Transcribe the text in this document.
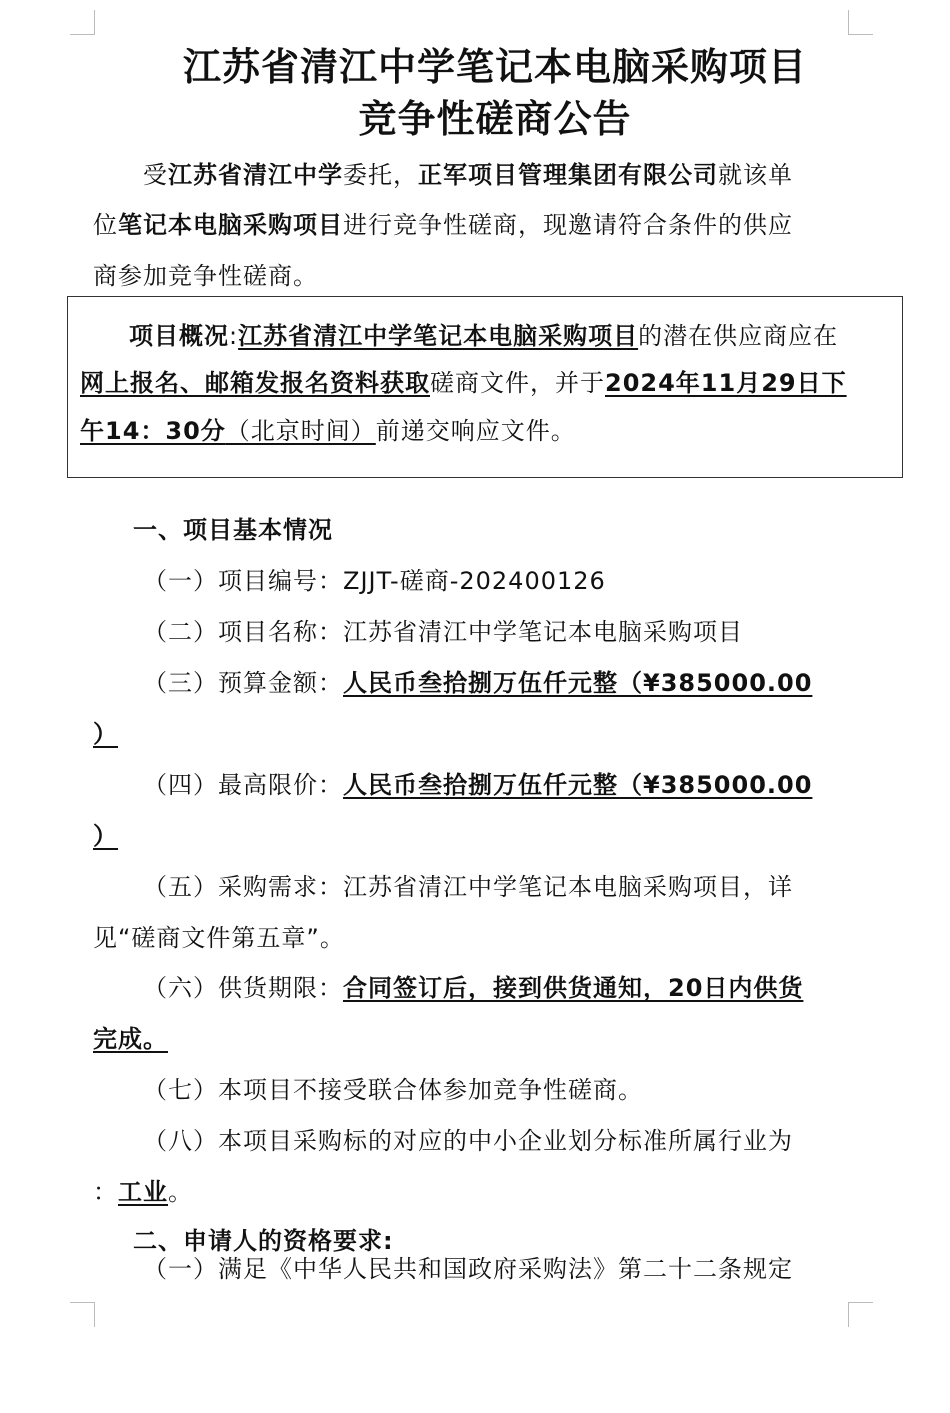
江苏省清江中学笔记本电脑采购项目
竞争性磋商公告
受江苏省清江中学委托，正军项目管理集团有限公司就该单
位笔记本电脑采购项目进行竞争性磋商，现邀请符合条件的供应
商参加竞争性磋商。
项目概况:江苏省清江中学笔记本电脑采购项目的潜在供应商应在
网上报名、邮箱发报名资料获取磋商文件，并于2024年11月29日下
午14：30分（北京时间）前递交响应文件。
一、项目基本情况
（一）项目编号：ZJJT-磋商-202400126
（二）项目名称：江苏省清江中学笔记本电脑采购项目
（三）预算金额：人民币叁拾捌万伍仟元整（¥385000.00
）
（四）最高限价：人民币叁拾捌万伍仟元整（¥385000.00
）
（五）采购需求：江苏省清江中学笔记本电脑采购项目，详
见“磋商文件第五章”。
（六）供货期限：合同签订后，接到供货通知，20日内供货
完成。
（七）本项目不接受联合体参加竞争性磋商。
（八）本项目采购标的对应的中小企业划分标准所属行业为
：工业。
二、申请人的资格要求:
（一）满足《中华人民共和国政府采购法》第二十二条规定
